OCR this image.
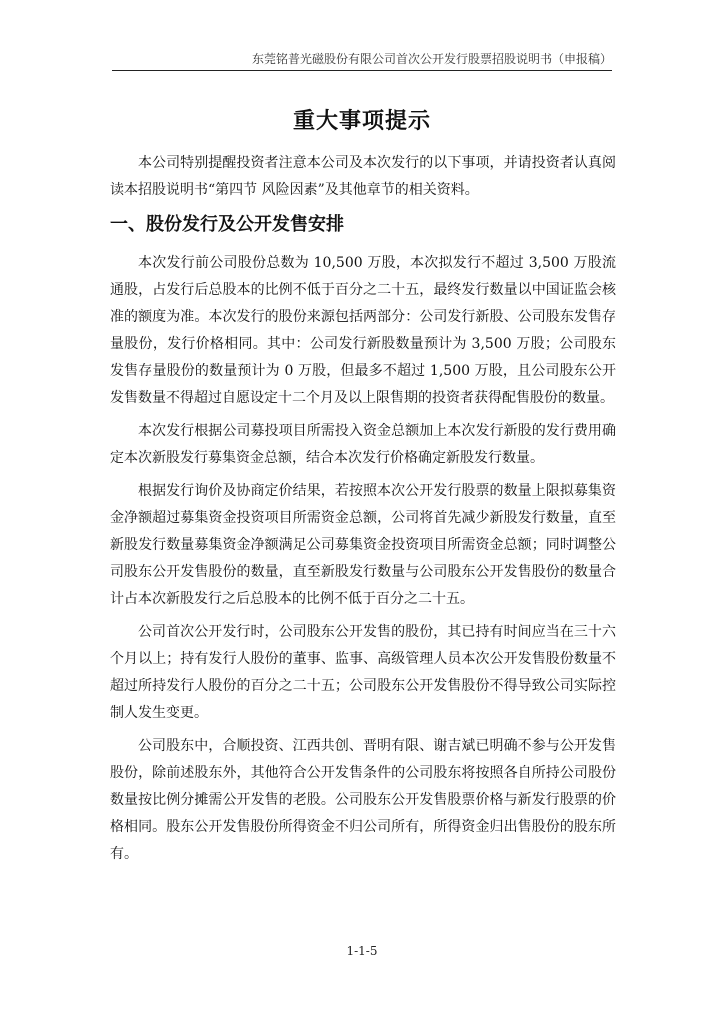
东莞铭普光磁股份有限公司首次公开发行股票招股说明书（申报稿）
重大事项提示

本公司特别提醒投资者注意本公司及本次发行的以下事项，并请投资者认真阅读本招股说明书“第四节 风险因素”及其他章节的相关资料。

一、股份发行及公开发售安排

本次发行前公司股份总数为 10,500 万股，本次拟发行不超过 3,500 万股流通股，占发行后总股本的比例不低于百分之二十五，最终发行数量以中国证监会核准的额度为准。本次发行的股份来源包括两部分：公司发行新股、公司股东发售存量股份，发行价格相同。其中：公司发行新股数量预计为 3,500 万股；公司股东发售存量股份的数量预计为 0 万股，但最多不超过 1,500 万股，且公司股东公开发售数量不得超过自愿设定十二个月及以上限售期的投资者获得配售股份的数量。

本次发行根据公司募投项目所需投入资金总额加上本次发行新股的发行费用确定本次新股发行募集资金总额，结合本次发行价格确定新股发行数量。

根据发行询价及协商定价结果，若按照本次公开发行股票的数量上限拟募集资金净额超过募集资金投资项目所需资金总额，公司将首先减少新股发行数量，直至新股发行数量募集资金净额满足公司募集资金投资项目所需资金总额；同时调整公司股东公开发售股份的数量，直至新股发行数量与公司股东公开发售股份的数量合计占本次新股发行之后总股本的比例不低于百分之二十五。

公司首次公开发行时，公司股东公开发售的股份，其已持有时间应当在三十六个月以上；持有发行人股份的董事、监事、高级管理人员本次公开发售股份数量不超过所持发行人股份的百分之二十五；公司股东公开发售股份不得导致公司实际控制人发生变更。

公司股东中，合顺投资、江西共创、晋明有限、谢吉斌已明确不参与公开发售股份，除前述股东外，其他符合公开发售条件的公司股东将按照各自所持公司股份数量按比例分摊需公开发售的老股。公司股东公开发售股票价格与新发行股票的价格相同。股东公开发售股份所得资金不归公司所有，所得资金归出售股份的股东所有。

1-1-5
